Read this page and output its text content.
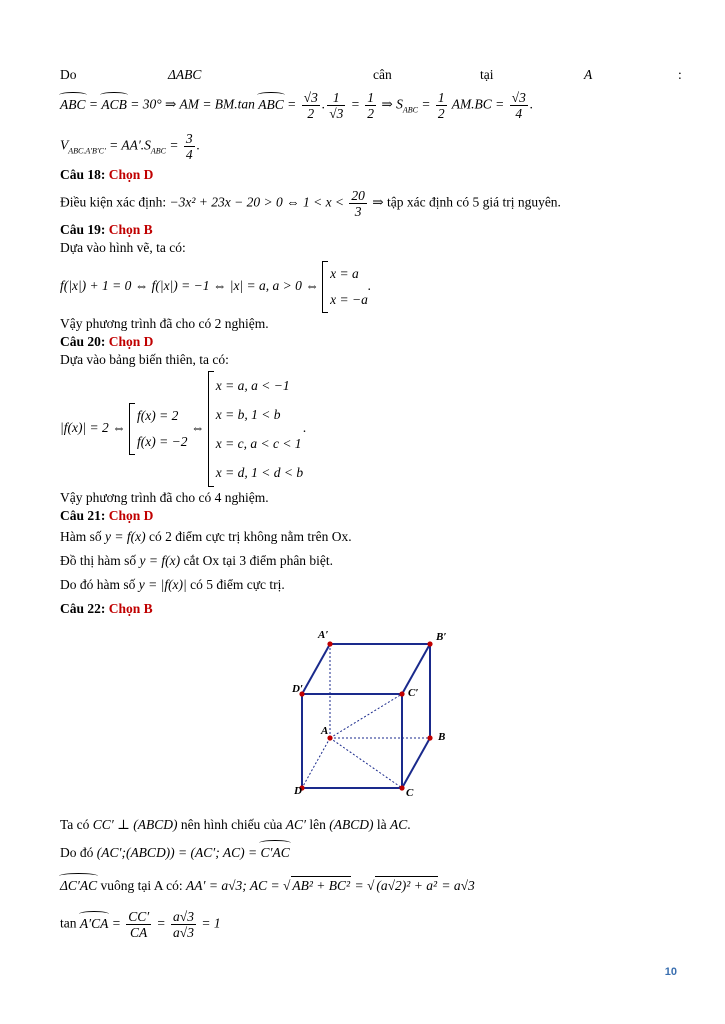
Do	ΔABC	cân	tại	A	:
ABC = ACB = 30° ⇒ AM = BM.tan ABC = $\frac{√3}{2}$ . $\frac{1}{√3} = \frac{1}{2}$ ⇒ $S_{ABC} = \frac{1}{2} AM.BC = \frac{√3}{4}$ .
$V_{ABC.A'B'C'} = AA'.S_{ABC} = \frac{3}{4}$ .
Câu 18: Chọn D
Điều kiện xác định: −3x² + 23x − 20 > 0 ⇔ $1 < x < \frac{20}{3}$ ⇒ tập xác định có 5 giá trị nguyên.
Câu 19: Chọn B
Dựa vào hình vẽ, ta có:
f(|x|) + 1 = 0 ⇔ f(|x|) = −1 ⇔ |x| = a, a > 0 ⇔
x = a
x = −a
.
Vậy phương trình đã cho có 2 nghiệm.
Câu 20: Chọn D
Dựa vào bảng biến thiên, ta có:
|f(x)| = 2 ⇔
f(x) = 2
f(x) = −2
⇔
x = a, a < −1
x = b, 1 < b
x = c, a < c < 1
x = d, 1 < d < b
.
Vậy phương trình đã cho có 4 nghiệm.
Câu 21: Chọn D
Hàm số y = f(x) có 2 điểm cực trị không nằm trên Ox.
Đồ thị hàm số y = f(x) cắt Ox tại 3 điểm phân biệt.
Do đó hàm số y = |f(x)| có 5 điểm cực trị.
Câu 22: Chọn B
A′	B′
D′	C′
A	B
D	C
Ta có CC′ ⊥ (ABCD) nên hình chiếu của AC′ lên (ABCD) là AC.
Do đó (AC′;(ABCD)) = (AC′; AC) = C′AC
ΔC′AC vuông tại A có: AA′ = a√3; AC = √ AB² + BC² = √ (a√2)² + a² = a√3
$\tan A'CA = \frac{CC'}{CA} = \frac{a√3}{a√3} = 1$
10
